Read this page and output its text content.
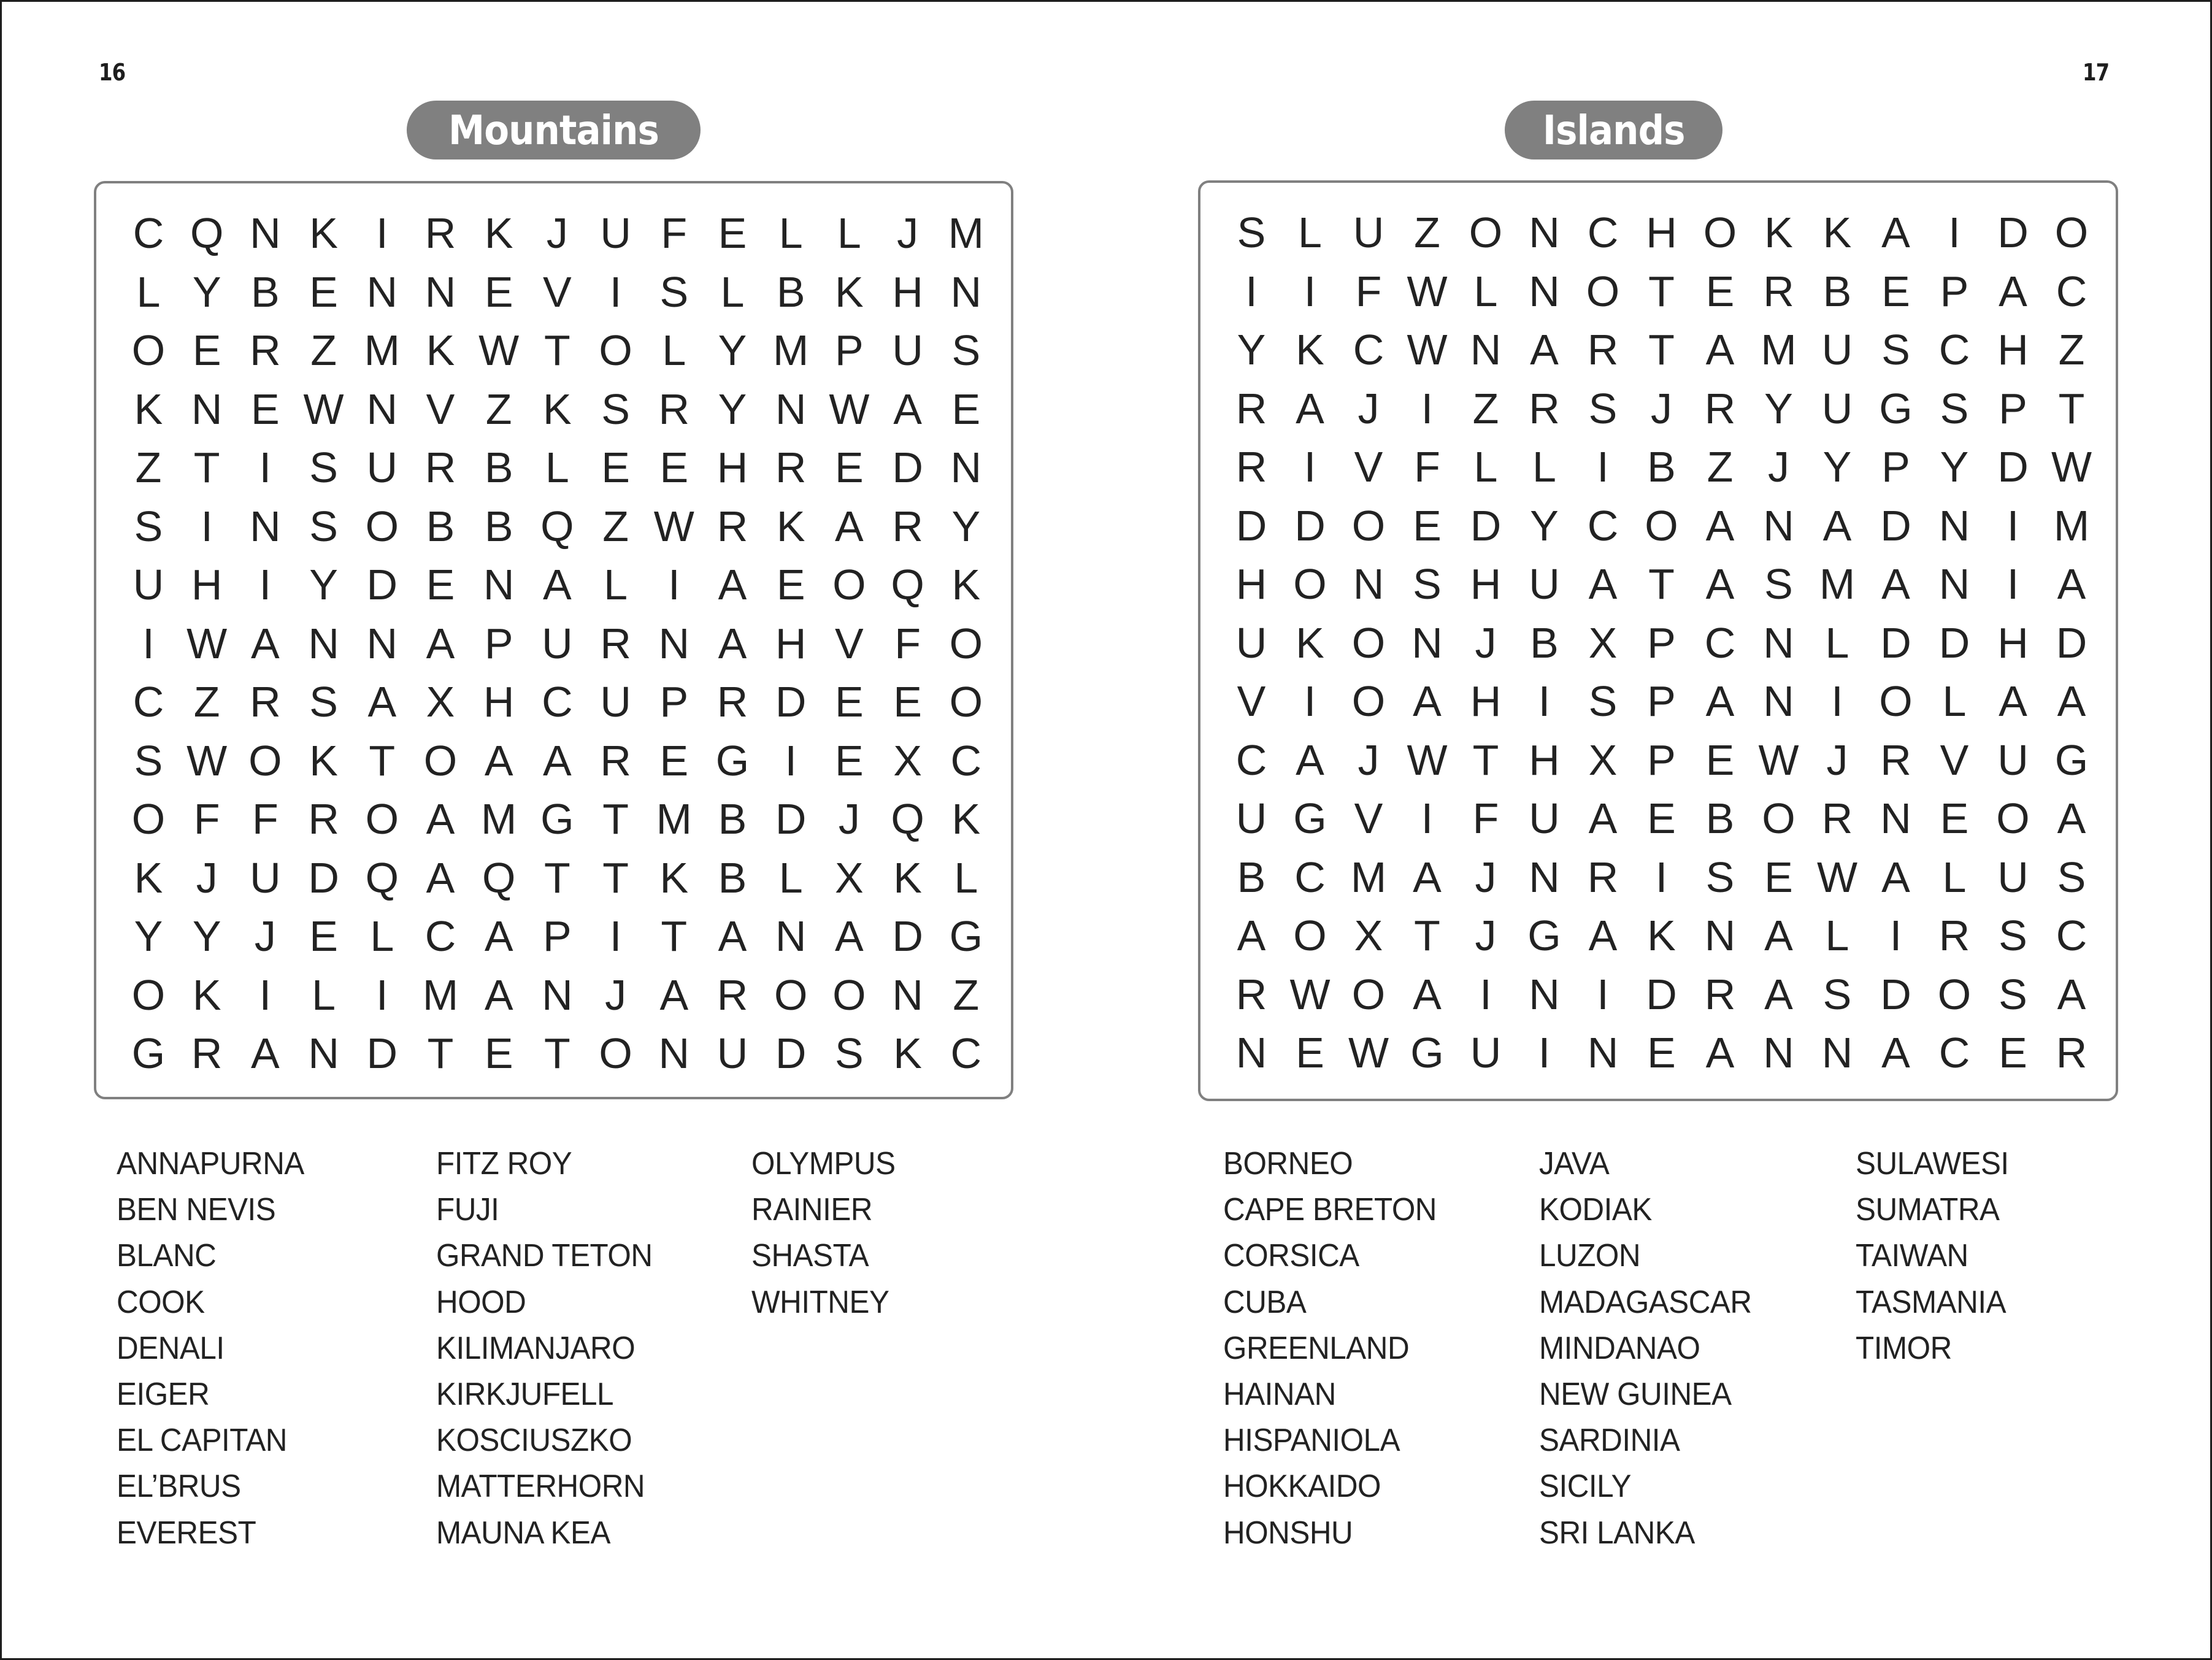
16
Mountains
C Q N K I R K J U F E L L J M
L Y B E N N E V I S L B K H N
O E R Z M K W T O L Y M P U S
K N E W N V Z K S R Y N W A E
Z T I S U R B L E E H R E D N
S I N S O B B Q Z W R K A R Y
U H I Y D E N A L I A E O Q K
I W A N N A P U R N A H V F O
C Z R S A X H C U P R D E E O
S W O K T O A A R E G I E X C
O F F R O A M G T M B D J Q K
K J U D Q A Q T T K B L X K L
Y Y J E L C A P I T A N A D G
O K I L I M A N J A R O O N Z
G R A N D T E T O N U D S K C
ANNAPURNA
BEN NEVIS
BLANC
COOK
DENALI
EIGER
EL CAPITAN
EL’BRUS
EVEREST
FITZ ROY
FUJI
GRAND TETON
HOOD
KILIMANJARO
KIRKJUFELL
KOSCIUSZKO
MATTERHORN
MAUNA KEA
OLYMPUS
RAINIER
SHASTA
WHITNEY
17
Islands
S L U Z O N C H O K K A I D O
I	I F W L N O T E R B E P A C
Y K C W N A R T A M U S C H Z
R A J I Z R S J R Y U G S P T
R I V F L L I B Z J Y P Y D W
D D O E D Y C O A N A D N I M
H O N S H U A T A S M A N I A
U K O N J B X P C N L D D H D
V I O A H I S P A N I O L A A
C A J W T H X P E W J R V U G
U G V I F U A E B O R N E O A
B C M A J N R I S E W A L U S
A O X T J G A K N A L I R S C
R W O A I N I D R A S D O S A
N E W G U I N E A N N A C E R
BORNEO
CAPE BRETON
CORSICA
CUBA
GREENLAND
HAINAN
HISPANIOLA
HOKKAIDO
HONSHU
JAVA
KODIAK
LUZON
MADAGASCAR
MINDANAO
NEW GUINEA
SARDINIA
SICILY
SRI LANKA
SULAWESI
SUMATRA
TAIWAN
TASMANIA
TIMOR
